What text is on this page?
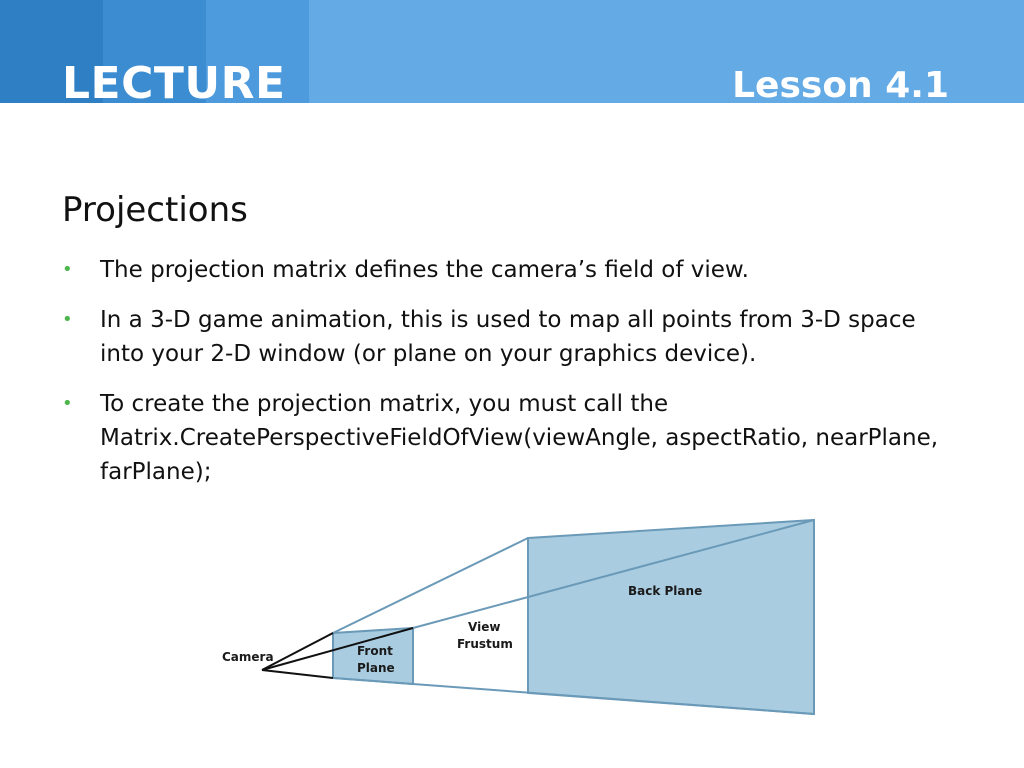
LECTURE	Lesson 4.1
Projections
• The projection matrix defines the camera’s field of view.
• In a 3-D game animation, this is used to map all points from 3-D space into your 2-D window (or plane on your graphics device).
• To create the projection matrix, you must call the Matrix.CreatePerspectiveFieldOfView(viewAngle, aspectRatio, nearPlane, farPlane);
Camera	Front
Plane
View
Frustum
Back Plane
